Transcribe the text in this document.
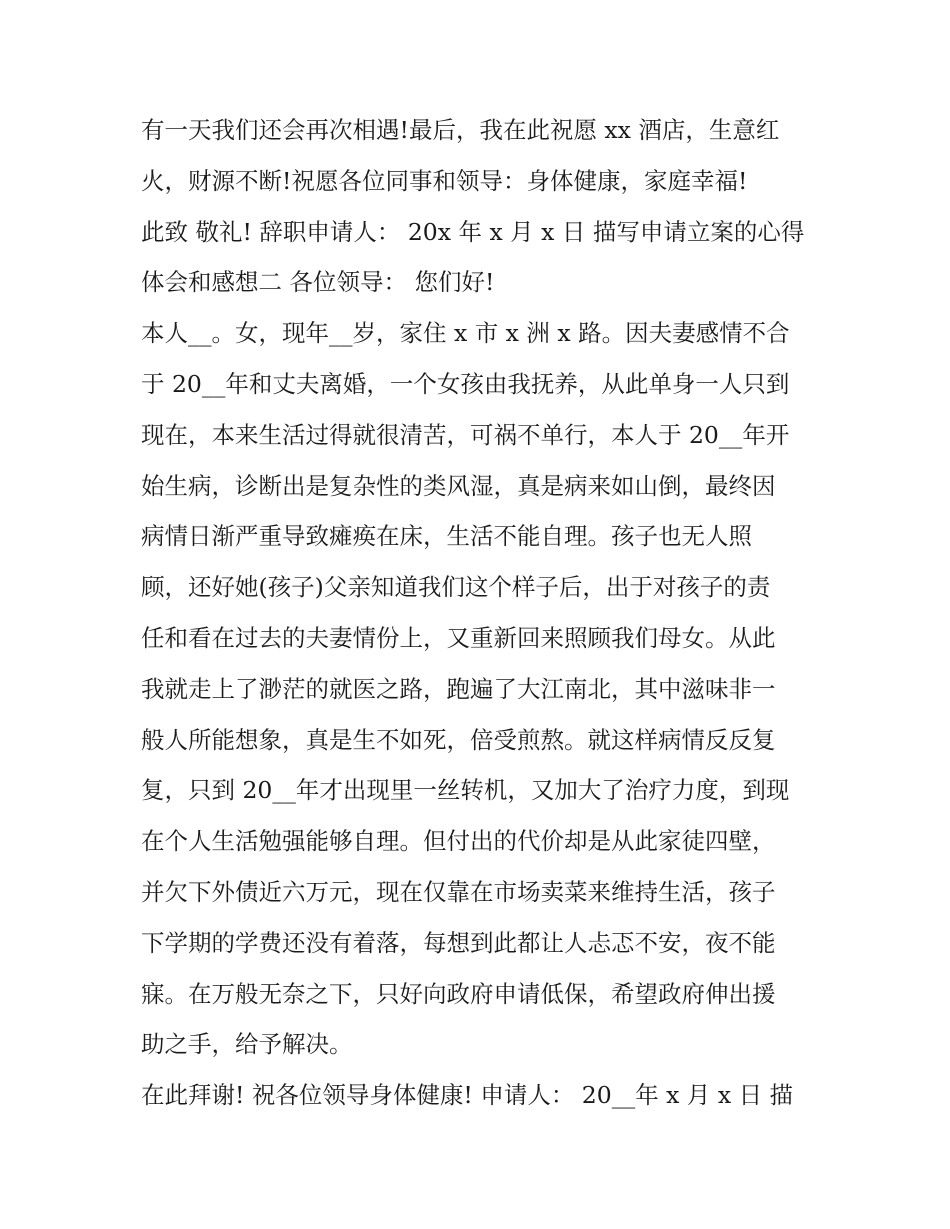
有一天我们还会再次相遇!最后，我在此祝愿 xx 酒店，生意红
火，财源不断!祝愿各位同事和领导：身体健康，家庭幸福!
此致 敬礼! 辞职申请人： 20x 年 x 月 x 日 描写申请立案的心得
体会和感想二 各位领导： 您们好!
本人__。女，现年__岁，家住 x 市 x 洲 x 路。因夫妻感情不合
于 20__年和丈夫离婚，一个女孩由我抚养，从此单身一人只到
现在，本来生活过得就很清苦，可祸不单行，本人于 20__年开
始生病，诊断出是复杂性的类风湿，真是病来如山倒，最终因
病情日渐严重导致瘫痪在床，生活不能自理。孩子也无人照
顾，还好她(孩子)父亲知道我们这个样子后，出于对孩子的责
任和看在过去的夫妻情份上，又重新回来照顾我们母女。从此
我就走上了渺茫的就医之路，跑遍了大江南北，其中滋味非一
般人所能想象，真是生不如死，倍受煎熬。就这样病情反反复
复，只到 20__年才出现里一丝转机，又加大了治疗力度，到现
在个人生活勉强能够自理。但付出的代价却是从此家徒四壁，
并欠下外债近六万元，现在仅靠在市场卖菜来维持生活，孩子
下学期的学费还没有着落，每想到此都让人忐忑不安，夜不能
寐。在万般无奈之下，只好向政府申请低保，希望政府伸出援
助之手，给予解决。
在此拜谢! 祝各位领导身体健康! 申请人： 20__年 x 月 x 日 描
